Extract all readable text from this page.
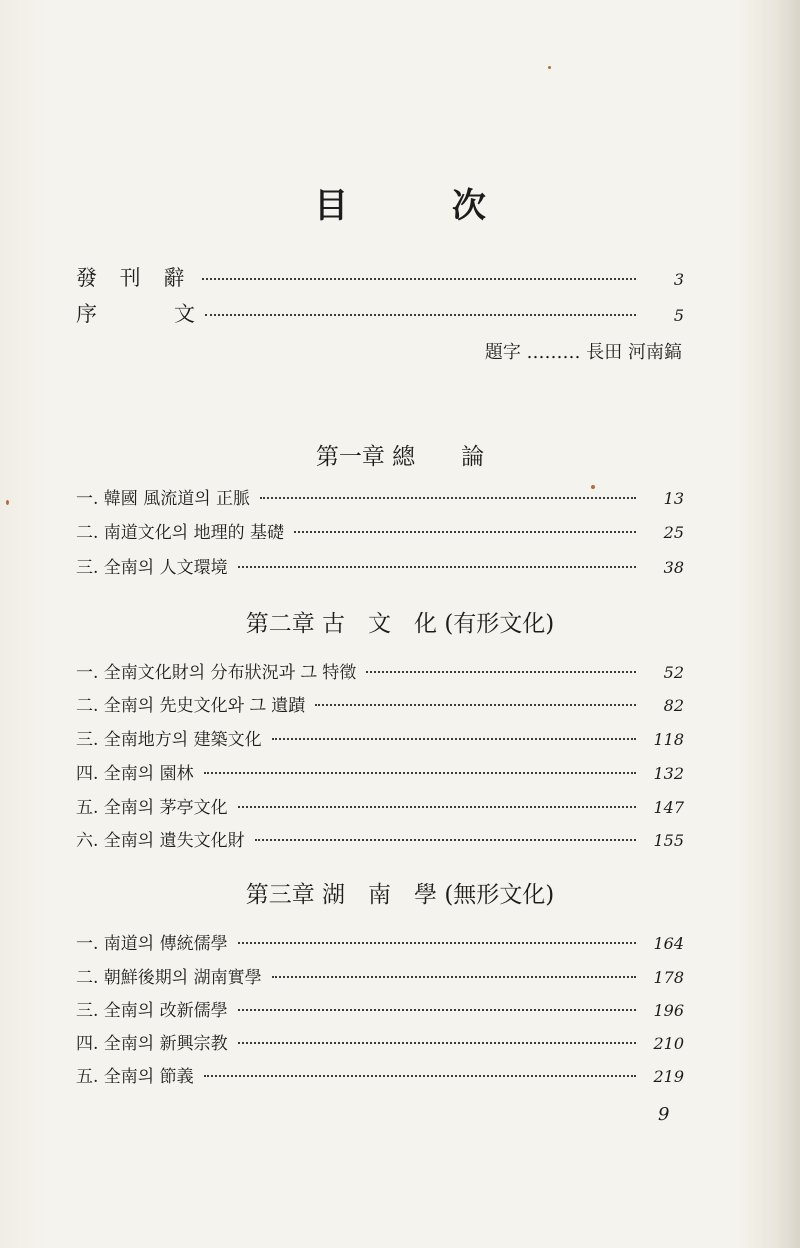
目 次
發 刊 辭	3
序	文	5
題字 ……… 長田 河南鎬
第一章 總　　論
一. 韓國 風流道의 正脈	13
二. 南道文化의 地理的 基礎	25
三. 全南의 人文環境	38
第二章 古　文　化 (有形文化)
一. 全南文化財의 分布狀況과 그 特徵	52
二. 全南의 先史文化와 그 遺蹟	82
三. 全南地方의 建築文化	118
四. 全南의 園林	132
五. 全南의 茅亭文化	147
六. 全南의 遺失文化財	155
第三章 湖　南　學 (無形文化)
一. 南道의 傳統儒學	164
二. 朝鮮後期의 湖南實學	178
三. 全南의 改新儒學	196
四. 全南의 新興宗教	210
五. 全南의 節義	219
9
